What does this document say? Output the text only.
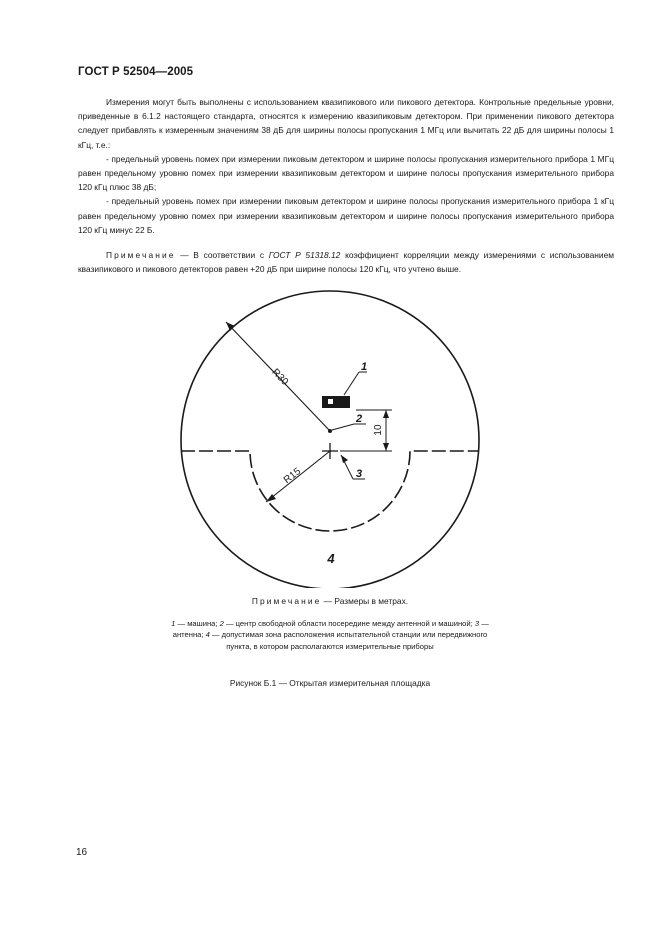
ГОСТ Р 52504—2005

Измерения могут быть выполнены с использованием квазипикового или пикового детектора. Контрольные предельные уровни, приведенные в 6.1.2 настоящего стандарта, относятся к измерению квазипиковым детектором. При применении пикового детектора следует прибавлять к измеренным значениям 38 дБ для ширины полосы пропускания 1 МГц или вычитать 22 дБ для ширины полосы 1 кГц, т.е.:

- предельный уровень помех при измерении пиковым детектором и ширине полосы пропускания измерительного прибора 1 МГц равен предельному уровню помех при измерении квазипиковым детектором и ширине полосы пропускания измерительного прибора 120 кГц плюс 38 дБ;

- предельный уровень помех при измерении пиковым детектором и ширине полосы пропускания измерительного прибора 1 кГц равен предельному уровню помех при измерении квазипиковым детектором и ширине полосы пропускания измерительного прибора 120 кГц минус 22 Б.

Примечание — В соответствии с ГОСТ Р 51318.12 коэффициент корреляции между измерениями с использованием квазипикового и пикового детекторов равен +20 дБ при ширине полосы 120 кГц, что учтено выше.

R30
R15
1
2
3
10
4
Примечание — Размеры в метрах.
1 — машина; 2 — центр свободной области посередине между антенной и машиной; 3 — антенна; 4 — допустимая зона расположения испытательной станции или передвижного пункта, в котором располагаются измерительные приборы
Рисунок Б.1 — Открытая измерительная площадка
16
